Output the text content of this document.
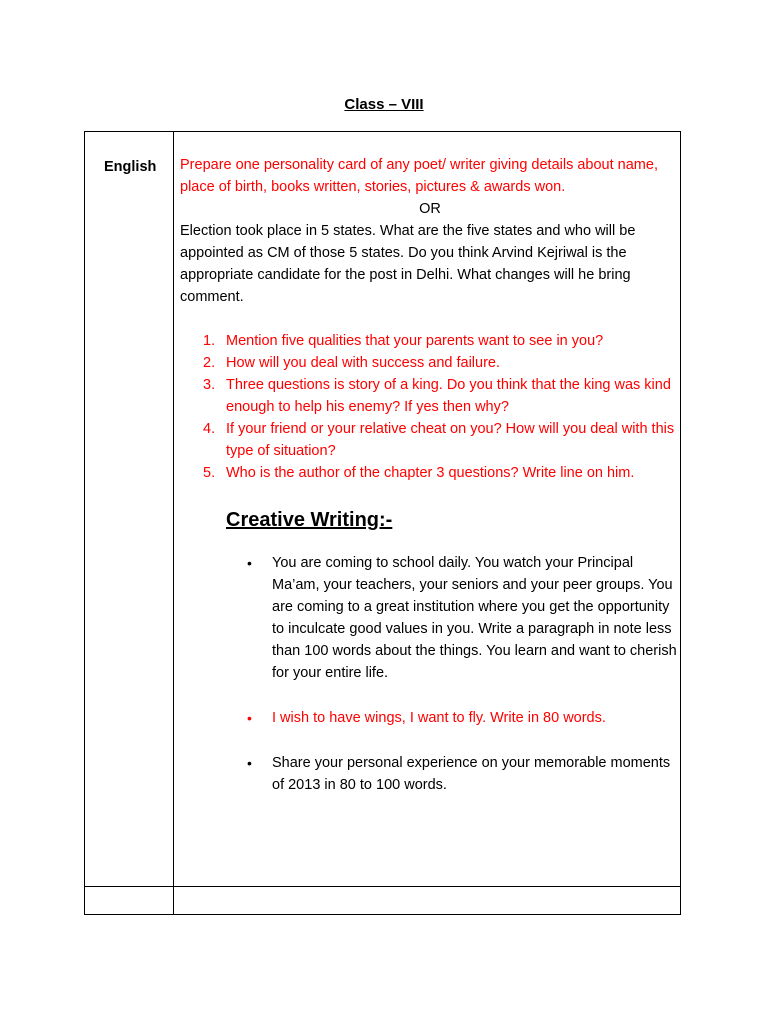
Class – VIII
English Prepare one personality card of any poet/ writer giving details about name, place of birth, books written, stories, pictures & awards won.

OR

Election took place in 5 states. What are the five states and who will be appointed as CM of those 5 states. Do you think Arvind Kejriwal is the appropriate candidate for the post in Delhi. What changes will he bring comment.

1. Mention five qualities that your parents want to see in you?
2. How will you deal with success and failure.
3. Three questions is story of a king. Do you think that the king was kind enough to help his enemy? If yes then why?
4. If your friend or your relative cheat on you? How will you deal with this type of situation?
5. Who is the author of the chapter 3 questions? Write line on him.
Creative Writing:-
• You are coming to school daily. You watch your Principal Ma’am, your teachers, your seniors and your peer groups. You are coming to a great institution where you get the opportunity to inculcate good values in you. Write a paragraph in note less than 100 words about the things. You learn and want to cherish for your entire life.
• I wish to have wings, I want to fly. Write in 80 words.
• Share your personal experience on your memorable moments of 2013 in 80 to 100 words.
